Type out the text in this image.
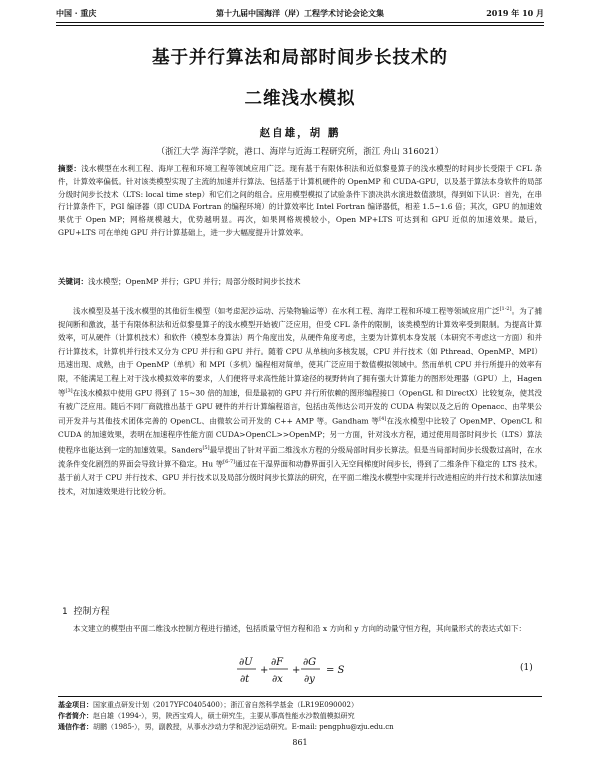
中国 · 重庆	第十九届中国海洋（岸）工程学术讨论会论文集	2019 年 10 月
基于并行算法和局部时间步长技术的
二维浅水模拟
赵自雄，胡 鹏
（浙江大学 海洋学院，港口、海岸与近海工程研究所，浙江 舟山 316021）
摘要：浅水模型在水利工程、海岸工程和环境工程等领域应用广泛。现有基于有限体积法和近似黎曼算子的浅水模型的时间步长受限于 CFL 条件，计算效率偏低。针对该类模型实现了主流的加速并行算法、包括基于计算机硬件的 OpenMP 和 CUDA-GPU，以及基于算法本身软件的局部分级时间步长技术（LTS: local time step）和它们之间的组合。应用模型模拟了试验条件下溃决洪水演进数值溃坝，得到如下认识：首先，在串行计算条件下，PGI 编译器（即 CUDA Fortran 的编程环境）的计算效率比 Intel Fortran 编译器低，相差 1.5~1.6 倍；其次，GPU 的加速效果优于 Open MP；网格规模越大，优势越明显。再次，如果网格规模较小，Open MP+LTS 可达到和 GPU 近似的加速效果。最后，GPU+LTS 可在单纯 GPU 并行计算基础上，进一步大幅度提升计算效率。
关键词：浅水模型；OpenMP 并行；GPU 并行；局部分级时间步长技术
浅水模型及基于浅水模型的其他衍生模型（如考虑泥沙运动、污染物输运等）在水利工程、海岸工程和环境工程等领域应用广泛[1-2]。为了捕捉间断和激波，基于有限体积法和近似黎曼算子的浅水模型开始被广泛应用，但受 CFL 条件的限制，该类模型的计算效率受到限制。为提高计算效率，可从硬件（计算机技术）和软件（模型本身算法）两个角度出发，从硬件角度考虑，主要为计算机本身发展（本研究不考虑这一方面）和并行计算技术，计算机并行技术又分为 CPU 并行和 GPU 并行。随着 CPU 从单核向多核发展，CPU 并行技术（如 Pthread、OpenMP、MPI）迅速出现、成熟，由于 OpenMP（单机）和 MPI（多机）编程相对简单，使其广泛应用于数值模拟领域中。然而单机 CPU 并行所提升的效率有限，不能满足工程上对于浅水模拟效率的要求，人们便将寻求高性能计算途径的视野转向了拥有强大计算能力的图形处理器（GPU）上，Hagen 等[3]在浅水模拟中使用 GPU 得到了 15~30 倍的加速，但是最初的 GPU 并行所依赖的图形编程接口（OpenGL 和 DirectX）比较复杂，使其没有被广泛应用。随后不同厂商就推出基于 GPU 硬件的并行计算编程语言，包括由英伟达公司开发的 CUDA 构架以及之后的 Openacc、由苹果公司开发并与其他技术团体完善的 OpenCL、由微软公司开发的 C++ AMP 等。Gandham 等[4]在浅水模型中比较了 OpenMP、OpenCL 和 CUDA 的加速效果，表明在加速程序性能方面 CUDA>OpenCL>>OpenMP；另一方面，针对浅水方程，通过使用局部时间步长（LTS）算法使程序也能达到一定的加速效果。Sanders[5]最早提出了针对平面二维浅水方程的分级局部时间步长算法。但是当局部时间步长级数过高时，在水流条件变化剧烈的界面会导致计算不稳定。Hu 等[6-7]通过在干湿界面和动静界面引入无空间梯度时间步长，得到了二维条件下稳定的 LTS 技术。基于前人对于 CPU 并行技术、GPU 并行技术以及局部分级时间步长算法的研究，在平面二维浅水模型中实现并行改进相应的并行技术和算法加速技术，对加速效果进行比较分析。
1 控制方程
本文建立的模型由平面二维浅水控制方程进行描述，包括质量守恒方程和沿 x 方向和 y 方向的动量守恒方程，其向量形式的表达式如下：
∂U
∂t
+
∂F
∂x
+
∂G
∂y
= S	(1)
基金项目：国家重点研发计划（2017YFC0405400）；浙江省自然科学基金（LR19E090002）
作者简介：赵自雄（1994-），男，陕西宝鸡人，硕士研究生，主要从事高性能水沙数值模拟研究
通信作者：胡鹏（1985-），男，副教授，从事水沙动力学和泥沙运动研究。E-mail: pengphu@zju.edu.cn
861
